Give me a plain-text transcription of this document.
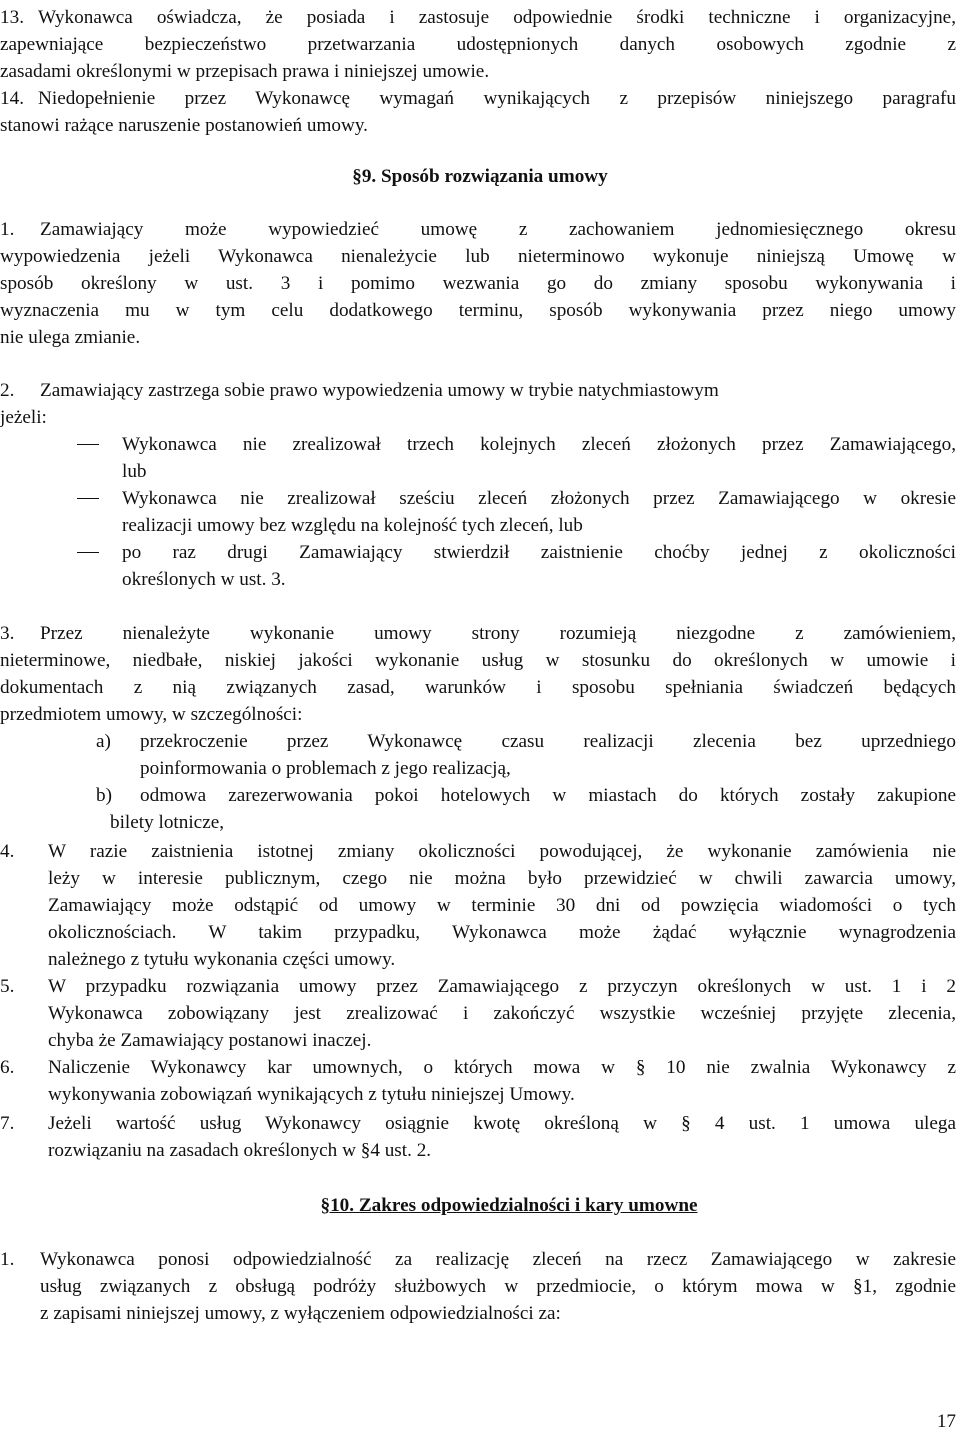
13. Wykonawca oświadcza, że posiada i zastosuje odpowiednie środki techniczne i organizacyjne,
zapewniające bezpieczeństwo przetwarzania udostępnionych danych osobowych zgodnie z
zasadami określonymi w przepisach prawa i niniejszej umowie.
14. Niedopełnienie przez Wykonawcę wymagań wynikających z przepisów niniejszego paragrafu
stanowi rażące naruszenie postanowień umowy.
§9. Sposób rozwiązania umowy
1. Zamawiający może wypowiedzieć umowę z zachowaniem jednomiesięcznego okresu
wypowiedzenia jeżeli Wykonawca nienależycie lub nieterminowo wykonuje niniejszą Umowę w
sposób określony w ust. 3 i pomimo wezwania go do zmiany sposobu wykonywania i
wyznaczenia mu w tym celu dodatkowego terminu, sposób wykonywania przez niego umowy
nie ulega zmianie.
2. Zamawiający zastrzega sobie prawo wypowiedzenia umowy w trybie natychmiastowym
jeżeli:
Wykonawca nie zrealizował trzech kolejnych zleceń złożonych przez Zamawiającego,
lub
Wykonawca nie zrealizował sześciu zleceń złożonych przez Zamawiającego w okresie
realizacji umowy bez względu na kolejność tych zleceń, lub
po raz drugi Zamawiający stwierdził zaistnienie choćby jednej z okoliczności
określonych w ust. 3.
3. Przez nienależyte wykonanie umowy strony rozumieją niezgodne z zamówieniem,
nieterminowe, niedbałe, niskiej jakości wykonanie usług w stosunku do określonych w umowie i
dokumentach z nią związanych zasad, warunków i sposobu spełniania świadczeń będących
przedmiotem umowy, w szczególności:
a) przekroczenie przez Wykonawcę czasu realizacji zlecenia bez uprzedniego
poinformowania o problemach z jego realizacją,
b) odmowa zarezerwowania pokoi hotelowych w miastach do których zostały zakupione
bilety lotnicze,
4. W razie zaistnienia istotnej zmiany okoliczności powodującej, że wykonanie zamówienia nie
leży w interesie publicznym, czego nie można było przewidzieć w chwili zawarcia umowy,
Zamawiający może odstąpić od umowy w terminie 30 dni od powzięcia wiadomości o tych
okolicznościach. W takim przypadku, Wykonawca może żądać wyłącznie wynagrodzenia
należnego z tytułu wykonania części umowy.
5. W przypadku rozwiązania umowy przez Zamawiającego z przyczyn określonych w ust. 1 i 2
Wykonawca zobowiązany jest zrealizować i zakończyć wszystkie wcześniej przyjęte zlecenia,
chyba że Zamawiający postanowi inaczej.
6. Naliczenie Wykonawcy kar umownych, o których mowa w § 10 nie zwalnia Wykonawcy z
wykonywania zobowiązań wynikających z tytułu niniejszej Umowy.
7. Jeżeli wartość usług Wykonawcy osiągnie kwotę określoną w § 4 ust. 1 umowa ulega
rozwiązaniu na zasadach określonych w §4 ust. 2.
§10. Zakres odpowiedzialności i kary umowne
1. Wykonawca ponosi odpowiedzialność za realizację zleceń na rzecz Zamawiającego w zakresie
usług związanych z obsługą podróży służbowych w przedmiocie, o którym mowa w §1, zgodnie
z zapisami niniejszej umowy, z wyłączeniem odpowiedzialności za:
17
